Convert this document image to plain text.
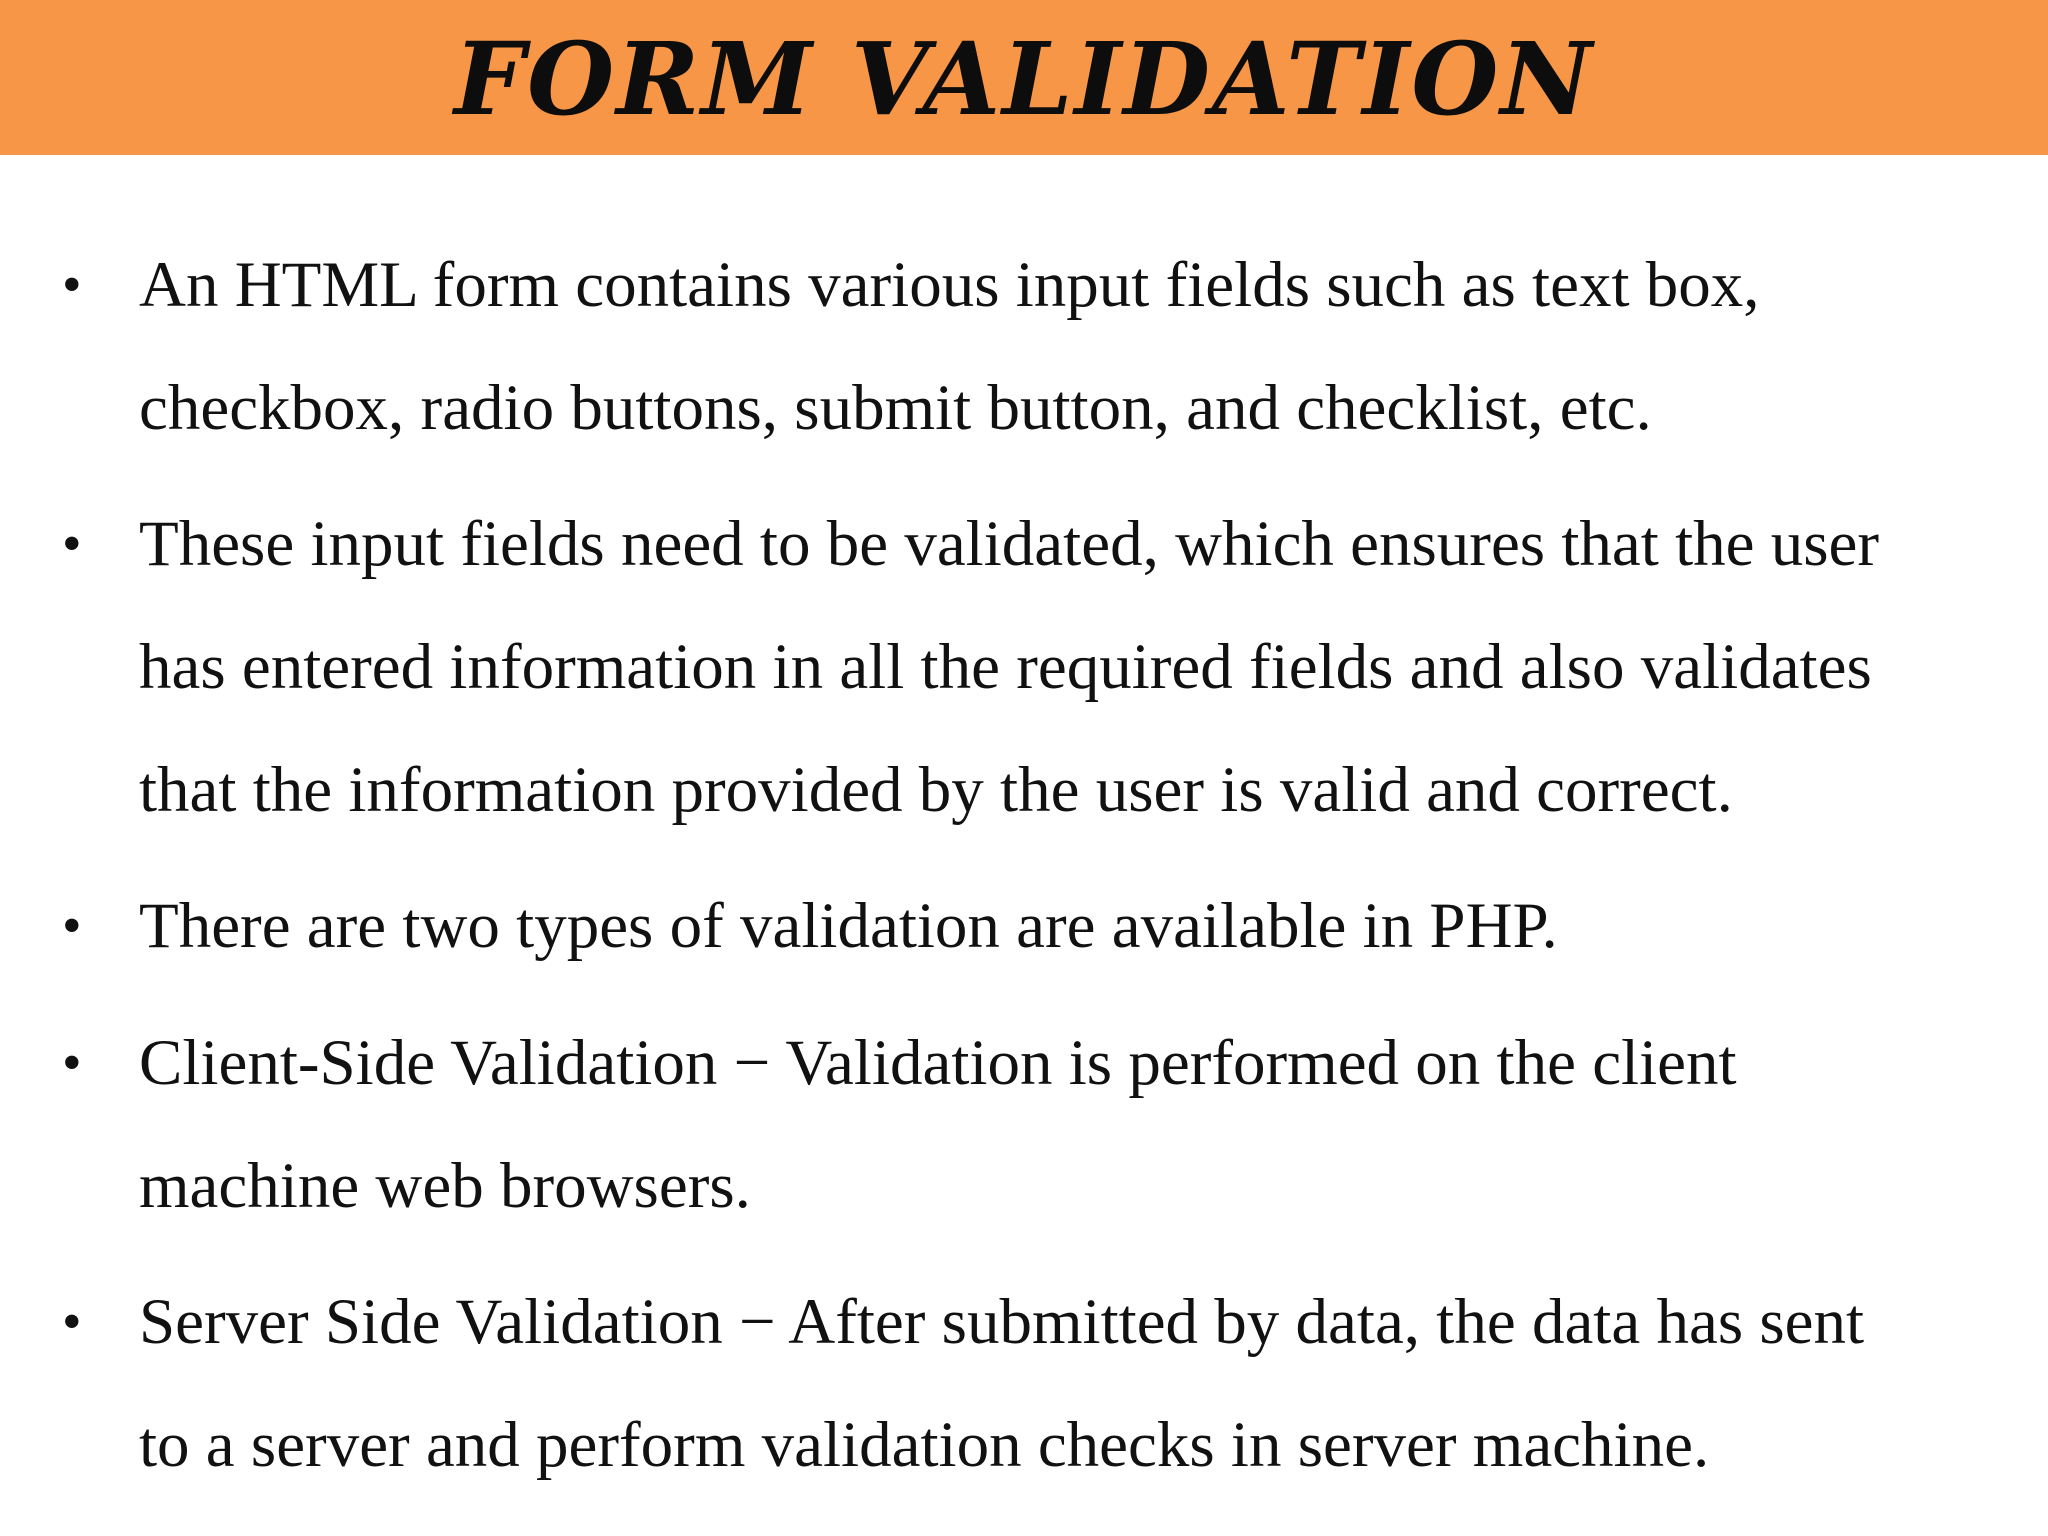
FORM VALIDATION
• An HTML form contains various input fields such as text box,
checkbox, radio buttons, submit button, and checklist, etc.
• These input fields need to be validated, which ensures that the user
has entered information in all the required fields and also validates
that the information provided by the user is valid and correct.
• There are two types of validation are available in PHP.
• Client-Side Validation − Validation is performed on the client
machine web browsers.
• Server Side Validation − After submitted by data, the data has sent
to a server and perform validation checks in server machine.
